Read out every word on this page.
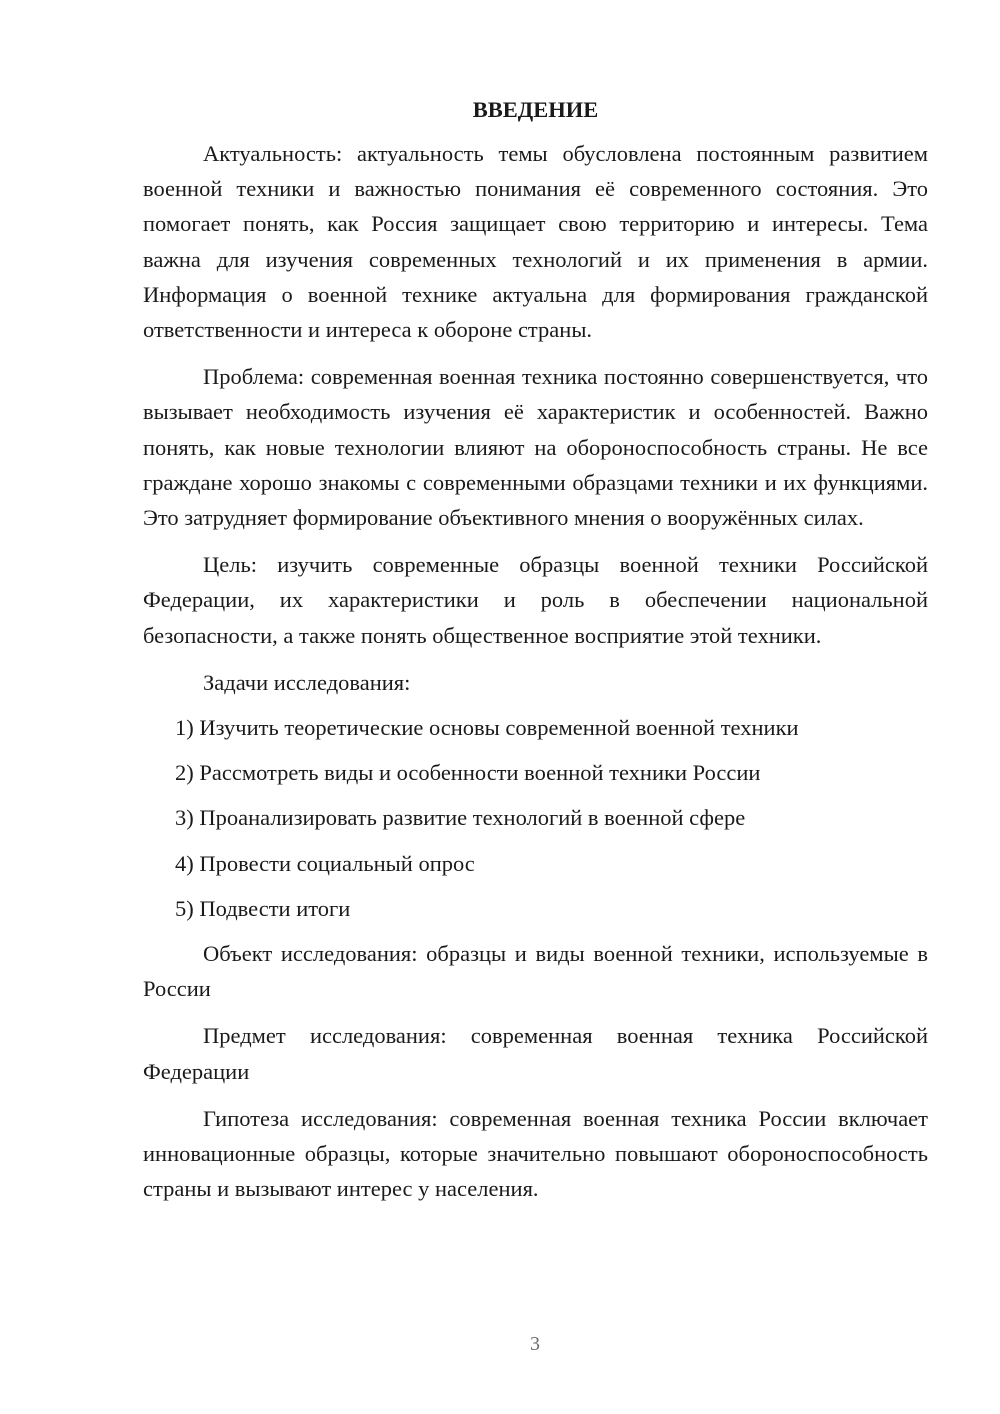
ВВЕДЕНИЕ

Актуальность: актуальность темы обусловлена постоянным развитием военной техники и важностью понимания её современного состояния. Это помогает понять, как Россия защищает свою территорию и интересы. Тема важна для изучения современных технологий и их применения в армии. Информация о военной технике актуальна для формирования гражданской ответственности и интереса к обороне страны.

Проблема: современная военная техника постоянно совершенствуется, что вызывает необходимость изучения её характеристик и особенностей. Важно понять, как новые технологии влияют на обороноспособность страны. Не все граждане хорошо знакомы с современными образцами техники и их функциями. Это затрудняет формирование объективного мнения о вооружённых силах.

Цель: изучить современные образцы военной техники Российской Федерации, их характеристики и роль в обеспечении национальной безопасности, а также понять общественное восприятие этой техники.

Задачи исследования:

1) Изучить теоретические основы современной военной техники
2) Рассмотреть виды и особенности военной техники России
3) Проанализировать развитие технологий в военной сфере
4) Провести социальный опрос
5) Подвести итоги

Объект исследования: образцы и виды военной техники, используемые в России

Предмет исследования: современная военная техника Российской Федерации

Гипотеза исследования: современная военная техника России включает инновационные образцы, которые значительно повышают обороноспособность страны и вызывают интерес у населения.

3
